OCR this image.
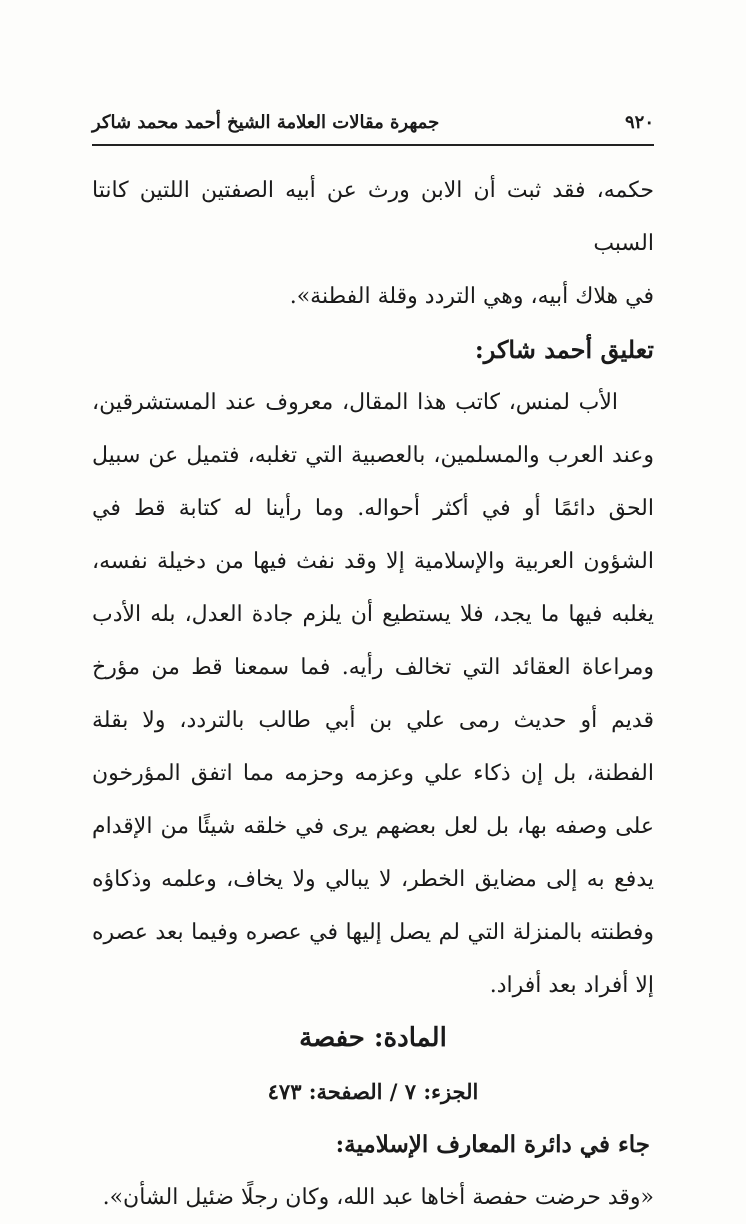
٩٢٠
جمهرة مقالات العلامة الشيخ أحمد محمد شاكر

حكمه، فقد ثبت أن الابن ورث عن أبيه الصفتين اللتين كانتا السبب

في هلاك أبيه، وهي التردد وقلة الفطنة».

تعليق أحمد شاكر:

الأب لمنس، كاتب هذا المقال، معروف عند المستشرقين، وعند العرب والمسلمين، بالعصبية التي تغلبه، فتميل عن سبيل الحق دائمًا أو في أكثر أحواله. وما رأينا له كتابة قط في الشؤون العربية والإسلامية إلا وقد نفث فيها من دخيلة نفسه، يغلبه فيها ما يجد، فلا يستطيع أن يلزم جادة العدل، بله الأدب ومراعاة العقائد التي تخالف رأيه. فما سمعنا قط من مؤرخ قديم أو حديث رمى علي بن أبي طالب بالتردد، ولا بقلة الفطنة، بل إن ذكاء علي وعزمه وحزمه مما اتفق المؤرخون على وصفه بها، بل لعل بعضهم يرى في خلقه شيئًا من الإقدام يدفع به إلى مضايق الخطر، لا يبالي ولا يخاف، وعلمه وذكاؤه وفطنته بالمنزلة التي لم يصل إليها في عصره وفيما بعد عصره إلا أفراد بعد أفراد.

المادة: حفصة

الجزء: ٧ / الصفحة: ٤٧٣

جاء في دائرة المعارف الإسلامية:

«وقد حرضت حفصة أخاها عبد الله، وكان رجلًا ضئيل الشأن».
